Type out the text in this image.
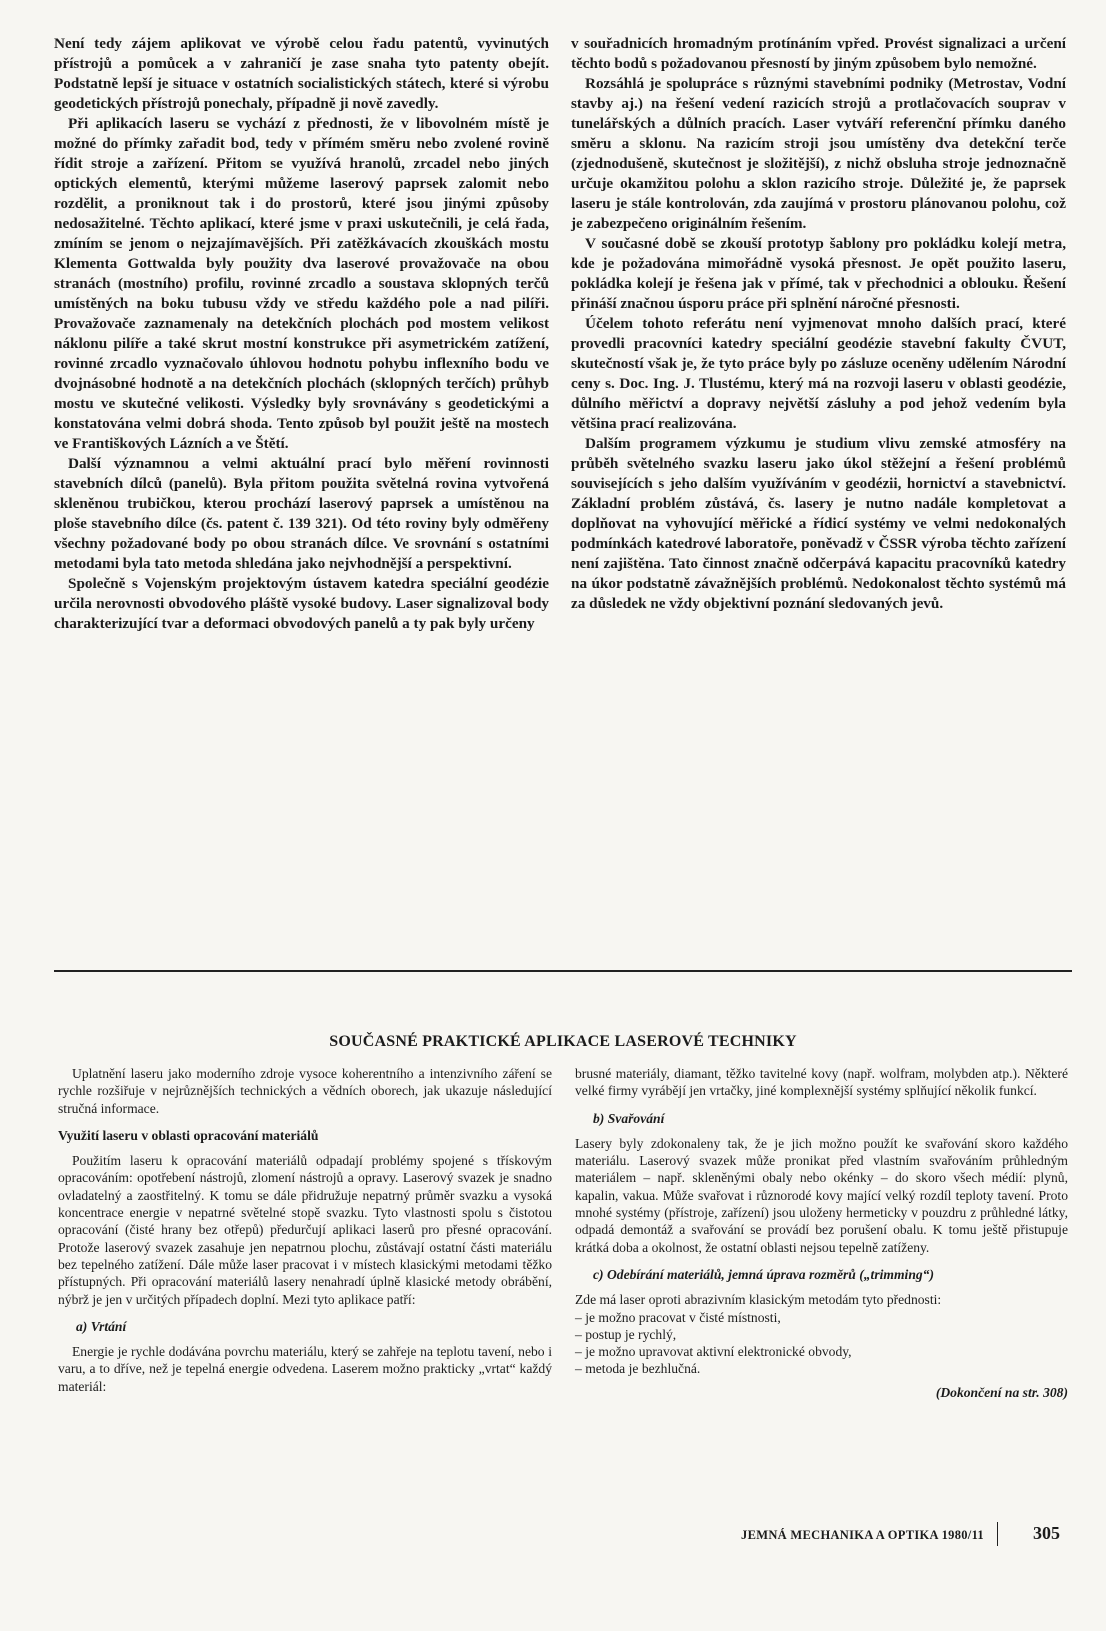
Není tedy zájem aplikovat ve výrobě celou řadu patentů, vyvinutých přístrojů a pomůcek a v zahraničí je zase snaha tyto patenty obejít. Podstatně lepší je situace v ostatních socialistických státech, které si výrobu geodetických přístrojů ponechaly, případně ji nově zavedly.

Při aplikacích laseru se vychází z přednosti, že v libovolném místě je možné do přímky zařadit bod, tedy v přímém směru nebo zvolené rovině řídit stroje a zařízení. Přitom se využívá hranolů, zrcadel nebo jiných optických elementů, kterými můžeme laserový paprsek zalomit nebo rozdělit, a proniknout tak i do prostorů, které jsou jinými způsoby nedosažitelné. Těchto aplikací, které jsme v praxi uskutečnili, je celá řada, zmíním se jenom o nejzajímavějších. Při zatěžkávacích zkouškách mostu Klementa Gottwalda byly použity dva laserové provažovače na obou stranách (mostního) profilu, rovinné zrcadlo a soustava sklopných terčů umístěných na boku tubusu vždy ve středu každého pole a nad pilíři. Provažovače zaznamenaly na detekčních plochách pod mostem velikost náklonu pilíře a také skrut mostní konstrukce při asymetrickém zatížení, rovinné zrcadlo vyznačovalo úhlovou hodnotu pohybu inflexního bodu ve dvojnásobné hodnotě a na detekčních plochách (sklopných terčích) průhyb mostu ve skutečné velikosti. Výsledky byly srovnávány s geodetickými a konstatována velmi dobrá shoda. Tento způsob byl použit ještě na mostech ve Františkových Lázních a ve Štětí.

Další významnou a velmi aktuální prací bylo měření rovinnosti stavebních dílců (panelů). Byla přitom použita světelná rovina vytvořená skleněnou trubičkou, kterou prochází laserový paprsek a umístěnou na ploše stavebního dílce (čs. patent č. 139 321). Od této roviny byly odměřeny všechny požadované body po obou stranách dílce. Ve srovnání s ostatními metodami byla tato metoda shledána jako nejvhodnější a perspektivní.

Společně s Vojenským projektovým ústavem katedra speciální geodézie určila nerovnosti obvodového pláště vysoké budovy. Laser signalizoval body charakterizující tvar a deformaci obvodových panelů a ty pak byly určeny

v souřadnicích hromadným protínáním vpřed. Provést signalizaci a určení těchto bodů s požadovanou přesností by jiným způsobem bylo nemožné.

Rozsáhlá je spolupráce s různými stavebními podniky (Metrostav, Vodní stavby aj.) na řešení vedení razicích strojů a protlačovacích souprav v tunelářských a důlních pracích. Laser vytváří referenční přímku daného směru a sklonu. Na razicím stroji jsou umístěny dva detekční terče (zjednodušeně, skutečnost je složitější), z nichž obsluha stroje jednoznačně určuje okamžitou polohu a sklon razicího stroje. Důležité je, že paprsek laseru je stále kontrolován, zda zaujímá v prostoru plánovanou polohu, což je zabezpečeno originálním řešením.

V současné době se zkouší prototyp šablony pro pokládku kolejí metra, kde je požadována mimořádně vysoká přesnost. Je opět použito laseru, pokládka kolejí je řešena jak v přímé, tak v přechodnici a oblouku. Řešení přináší značnou úsporu práce při splnění náročné přesnosti.

Účelem tohoto referátu není vyjmenovat mnoho dalších prací, které provedli pracovníci katedry speciální geodézie stavební fakulty ČVUT, skutečností však je, že tyto práce byly po zásluze oceněny udělením Národní ceny s. Doc. Ing. J. Tlustému, který má na rozvoji laseru v oblasti geodézie, důlního měřictví a dopravy největší zásluhy a pod jehož vedením byla většina prací realizována.

Dalším programem výzkumu je studium vlivu zemské atmosféry na průběh světelného svazku laseru jako úkol stěžejní a řešení problémů souvisejících s jeho dalším využíváním v geodézii, hornictví a stavebnictví. Základní problém zůstává, čs. lasery je nutno nadále kompletovat a doplňovat na vyhovující měřické a řídicí systémy ve velmi nedokonalých podmínkách katedrové laboratoře, poněvadž v ČSSR výroba těchto zařízení není zajištěna. Tato činnost značně odčerpává kapacitu pracovníků katedry na úkor podstatně závažnějších problémů. Nedokonalost těchto systémů má za důsledek ne vždy objektivní poznání sledovaných jevů.

SOUČASNÉ PRAKTICKÉ APLIKACE LASEROVÉ TECHNIKY

Uplatnění laseru jako moderního zdroje vysoce koherentního a intenzivního záření se rychle rozšiřuje v nejrůznějších technických a vědních oborech, jak ukazuje následující stručná informace.

Využití laseru v oblasti opracování materiálů

Použitím laseru k opracování materiálů odpadají problémy spojené s třískovým opracováním: opotřebení nástrojů, zlomení nástrojů a opravy. Laserový svazek je snadno ovladatelný a zaostřitelný. K tomu se dále přidružuje nepatrný průměr svazku a vysoká koncentrace energie v nepatrné světelné stopě svazku. Tyto vlastnosti spolu s čistotou opracování (čisté hrany bez otřepů) předurčují aplikaci laserů pro přesné opracování. Protože laserový svazek zasahuje jen nepatrnou plochu, zůstávají ostatní části materiálu bez tepelného zatížení. Dále může laser pracovat i v místech klasickými metodami těžko přístupných. Při opracování materiálů lasery nenahradí úplně klasické metody obrábění, nýbrž je jen v určitých případech doplní. Mezi tyto aplikace patří:

a) Vrtání

Energie je rychle dodávána povrchu materiálu, který se zahřeje na teplotu tavení, nebo i varu, a to dříve, než je tepelná energie odvedena. Laserem možno prakticky „vrtat“ každý materiál:

brusné materiály, diamant, těžko tavitelné kovy (např. wolfram, molybden atp.). Některé velké firmy vyrábějí jen vrtačky, jiné komplexnější systémy splňující několik funkcí.

b) Svařování

Lasery byly zdokonaleny tak, že je jich možno použít ke svařování skoro každého materiálu. Laserový svazek může pronikat před vlastním svařováním průhledným materiálem – např. skleněnými obaly nebo okénky – do skoro všech médií: plynů, kapalin, vakua. Může svařovat i různorodé kovy mající velký rozdíl teploty tavení. Proto mnohé systémy (přístroje, zařízení) jsou uloženy hermeticky v pouzdru z průhledné látky, odpadá demontáž a svařování se provádí bez porušení obalu. K tomu ještě přistupuje krátká doba a okolnost, že ostatní oblasti nejsou tepelně zatíženy.

c) Odebírání materiálů, jemná úprava rozměrů („trimming“)

Zde má laser oproti abrazivním klasickým metodám tyto přednosti:

– je možno pracovat v čisté místnosti,
– postup je rychlý,
– je možno upravovat aktivní elektronické obvody,
– metoda je bezhlučná.

(Dokončení na str. 308)

JEMNÁ MECHANIKA A OPTIKA 1980/11	305
